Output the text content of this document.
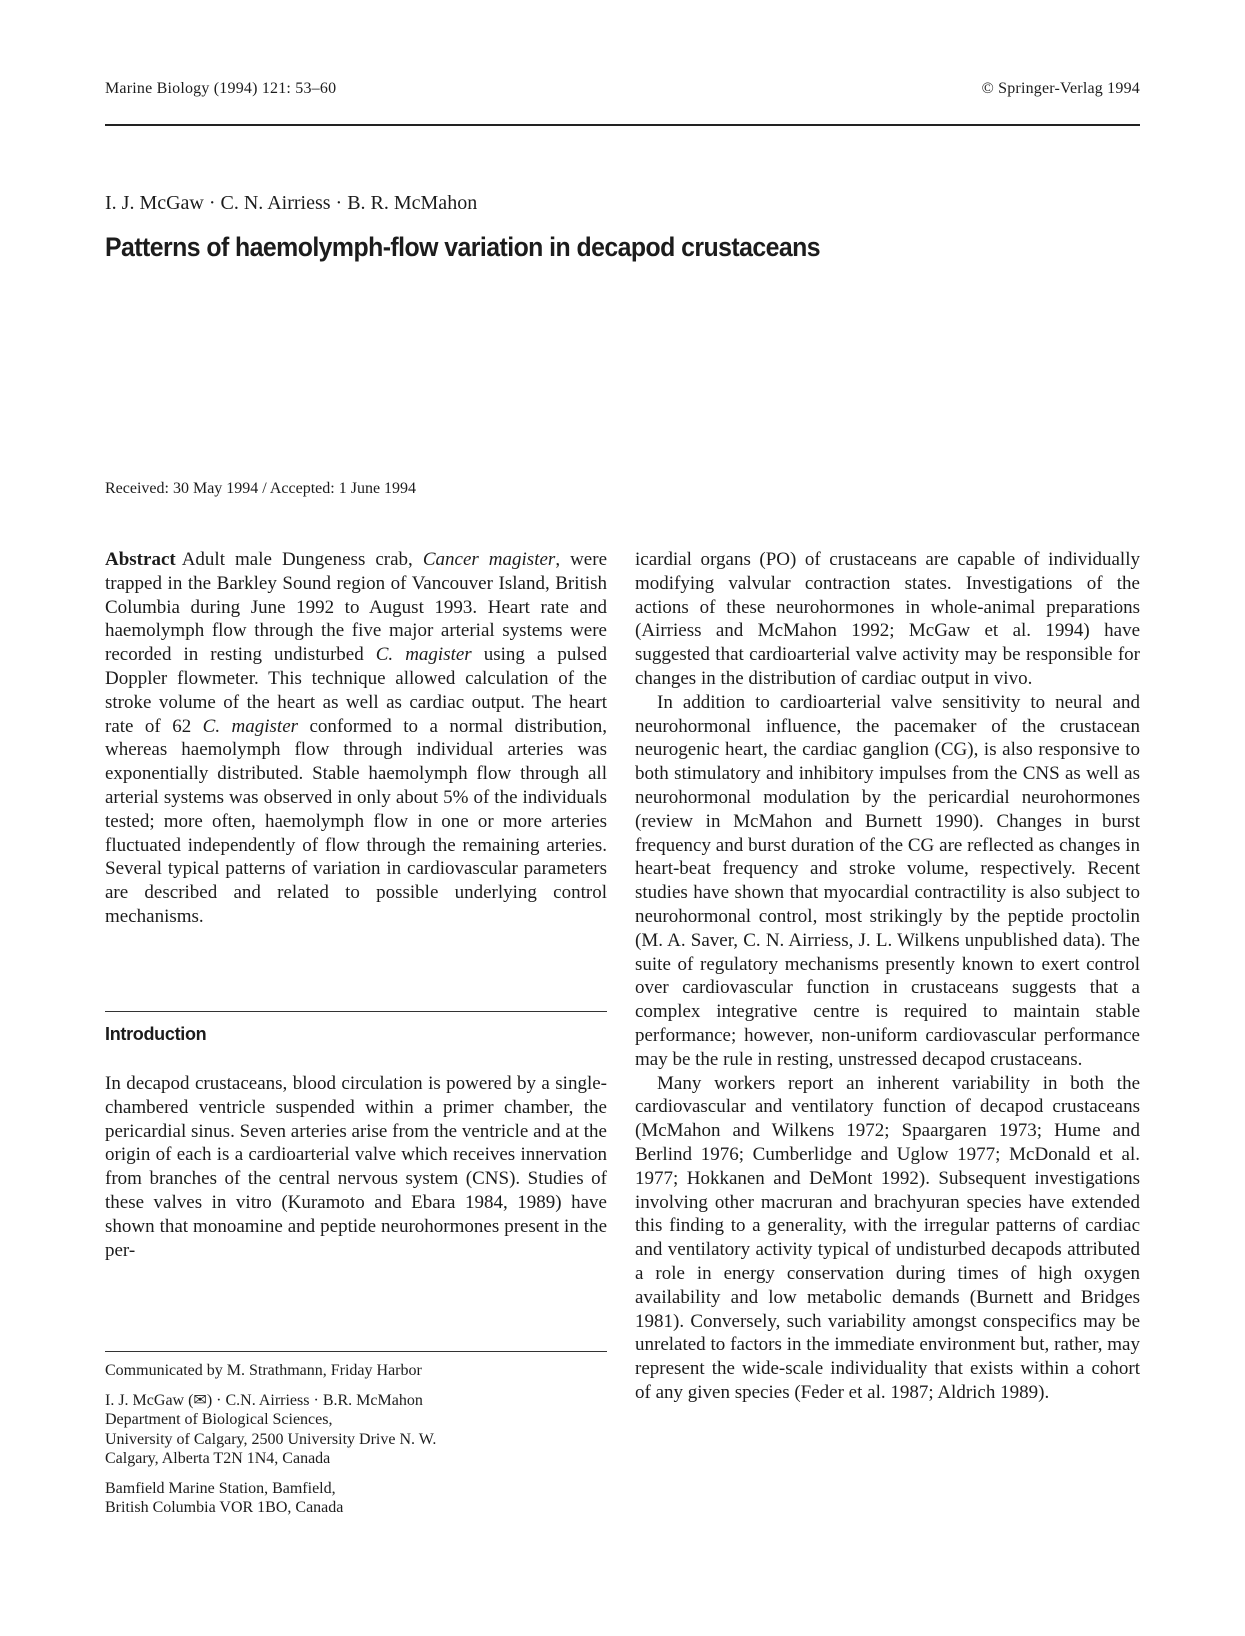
Marine Biology (1994) 121: 53–60	© Springer-Verlag 1994
I. J. McGaw · C. N. Airriess · B. R. McMahon
Patterns of haemolymph-flow variation in decapod crustaceans
Received: 30 May 1994 / Accepted: 1 June 1994
Abstract Adult male Dungeness crab, Cancer magister, were trapped in the Barkley Sound region of Vancouver Island, British Columbia during June 1992 to August 1993. Heart rate and haemolymph flow through the five major arterial systems were recorded in resting undisturbed C. magister using a pulsed Doppler flowmeter. This technique allowed calculation of the stroke volume of the heart as well as cardiac output. The heart rate of 62 C. magister conformed to a normal distribution, whereas haemolymph flow through individual arteries was exponentially distributed. Stable haemolymph flow through all arterial systems was observed in only about 5% of the individuals tested; more often, haemolymph flow in one or more arteries fluctuated independently of flow through the remaining arteries. Several typical patterns of variation in cardiovascular parameters are described and related to possible underlying control mechanisms.
Introduction
In decapod crustaceans, blood circulation is powered by a single-chambered ventricle suspended within a primer chamber, the pericardial sinus. Seven arteries arise from the ventricle and at the origin of each is a cardioarterial valve which receives innervation from branches of the central nervous system (CNS). Studies of these valves in vitro (Kuramoto and Ebara 1984, 1989) have shown that monoamine and peptide neurohormones present in the per-
Communicated by M. Strathmann, Friday Harbor
I. J. McGaw (✉) · C.N. Airriess · B.R. McMahon
Department of Biological Sciences,
University of Calgary, 2500 University Drive N. W.
Calgary, Alberta T2N 1N4, Canada
Bamfield Marine Station, Bamfield,
British Columbia VOR 1BO, Canada

icardial organs (PO) of crustaceans are capable of individually modifying valvular contraction states. Investigations of the actions of these neurohormones in whole-animal preparations (Airriess and McMahon 1992; McGaw et al. 1994) have suggested that cardioarterial valve activity may be responsible for changes in the distribution of cardiac output in vivo.

In addition to cardioarterial valve sensitivity to neural and neurohormonal influence, the pacemaker of the crustacean neurogenic heart, the cardiac ganglion (CG), is also responsive to both stimulatory and inhibitory impulses from the CNS as well as neurohormonal modulation by the pericardial neurohormones (review in McMahon and Burnett 1990). Changes in burst frequency and burst duration of the CG are reflected as changes in heart-beat frequency and stroke volume, respectively. Recent studies have shown that myocardial contractility is also subject to neurohormonal control, most strikingly by the peptide proctolin (M. A. Saver, C. N. Airriess, J. L. Wilkens unpublished data). The suite of regulatory mechanisms presently known to exert control over cardiovascular function in crustaceans suggests that a complex integrative centre is required to maintain stable performance; however, non-uniform cardiovascular performance may be the rule in resting, unstressed decapod crustaceans.

Many workers report an inherent variability in both the cardiovascular and ventilatory function of decapod crustaceans (McMahon and Wilkens 1972; Spaargaren 1973; Hume and Berlind 1976; Cumberlidge and Uglow 1977; McDonald et al. 1977; Hokkanen and DeMont 1992). Subsequent investigations involving other macruran and brachyuran species have extended this finding to a generality, with the irregular patterns of cardiac and ventilatory activity typical of undisturbed decapods attributed a role in energy conservation during times of high oxygen availability and low metabolic demands (Burnett and Bridges 1981). Conversely, such variability amongst conspecifics may be unrelated to factors in the immediate environment but, rather, may represent the wide-scale individuality that exists within a cohort of any given species (Feder et al. 1987; Aldrich 1989).
